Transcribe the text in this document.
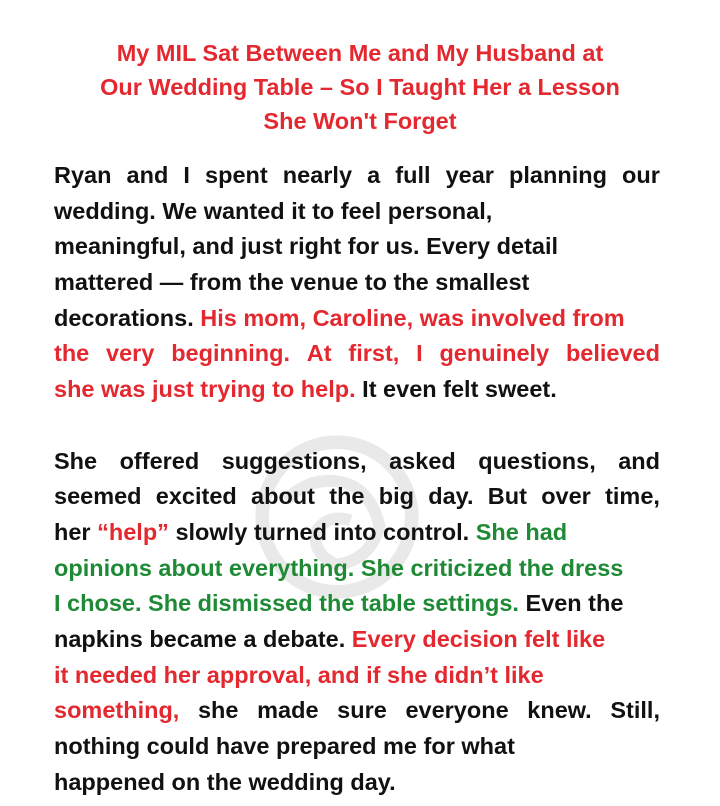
My MIL Sat Between Me and My Husband at
Our Wedding Table – So I Taught Her a Lesson
She Won't Forget
Ryan and I spent nearly a full year planning our
wedding. We wanted it to feel personal,
meaningful, and just right for us. Every detail
mattered — from the venue to the smallest
decorations. His mom, Caroline, was involved from
the very beginning. At first, I genuinely believed
she was just trying to help. It even felt sweet.
She offered suggestions, asked questions, and
seemed excited about the big day. But over time,
her “help” slowly turned into control. She had
opinions about everything. She criticized the dress
I chose. She dismissed the table settings. Even the
napkins became a debate. Every decision felt like
it needed her approval, and if she didn’t like
something, she made sure everyone knew. Still,
nothing could have prepared me for what
happened on the wedding day.
